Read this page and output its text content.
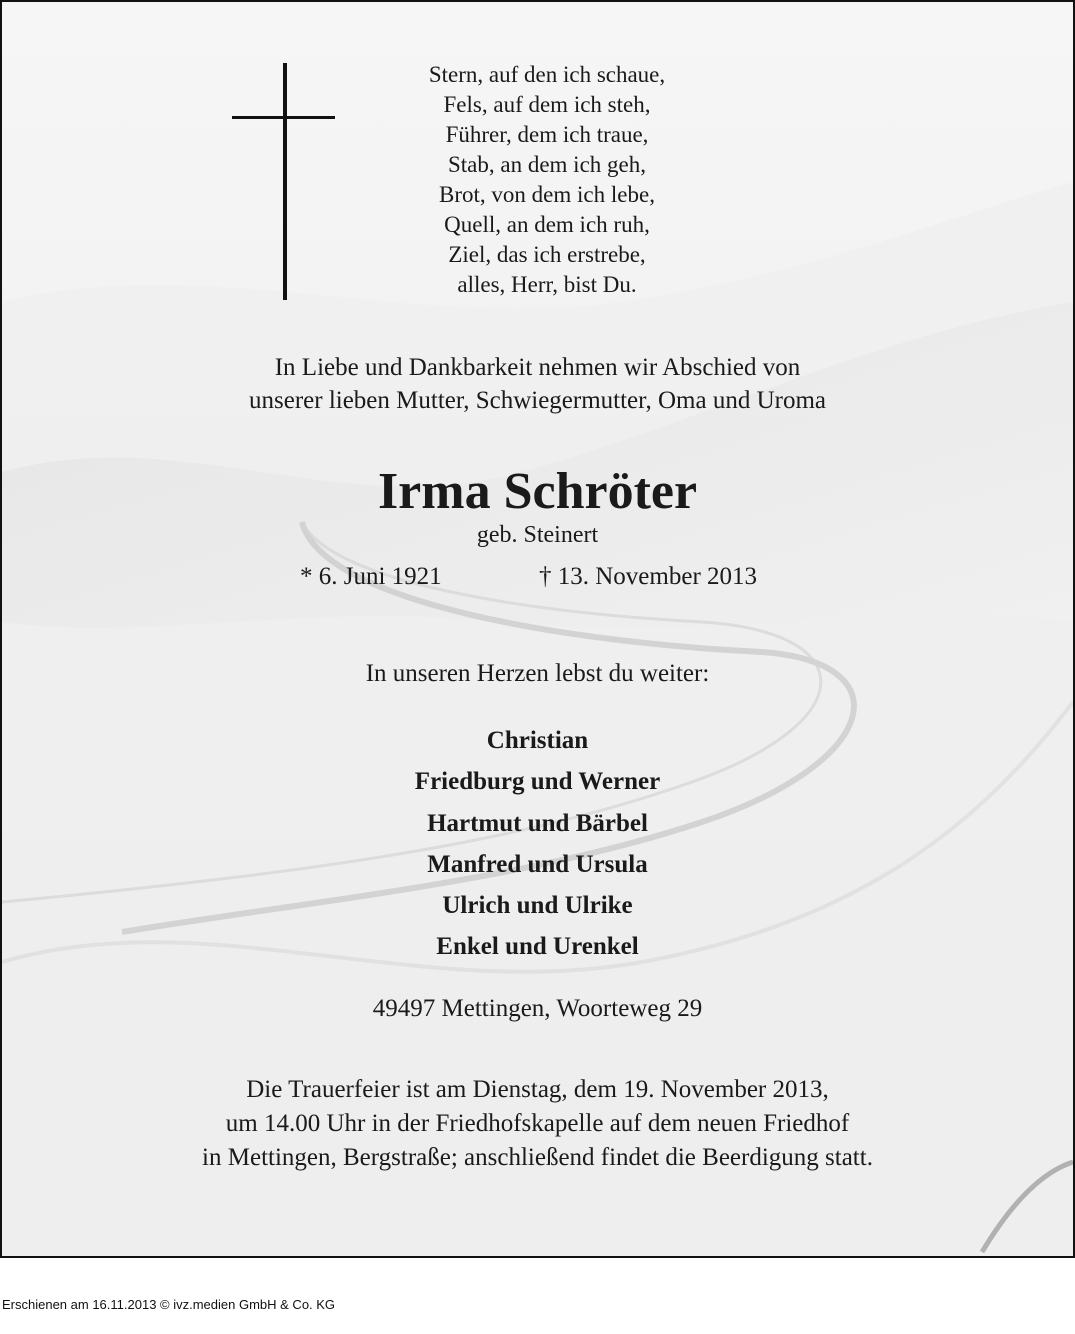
Stern, auf den ich schaue,
Fels, auf dem ich steh,
Führer, dem ich traue,
Stab, an dem ich geh,
Brot, von dem ich lebe,
Quell, an dem ich ruh,
Ziel, das ich erstrebe,
alles, Herr, bist Du.
In Liebe und Dankbarkeit nehmen wir Abschied von
unserer lieben Mutter, Schwiegermutter, Oma und Uroma
Irma Schröter
geb. Steinert
* 6. Juni 1921	† 13. November 2013
In unseren Herzen lebst du weiter:
Christian
Friedburg und Werner
Hartmut und Bärbel
Manfred und Ursula
Ulrich und Ulrike
Enkel und Urenkel
49497 Mettingen, Woorteweg 29
Die Trauerfeier ist am Dienstag, dem 19. November 2013,
um 14.00 Uhr in der Friedhofskapelle auf dem neuen Friedhof
in Mettingen, Bergstraße; anschließend findet die Beerdigung statt.
Erschienen am 16.11.2013 © ivz.medien GmbH & Co. KG
